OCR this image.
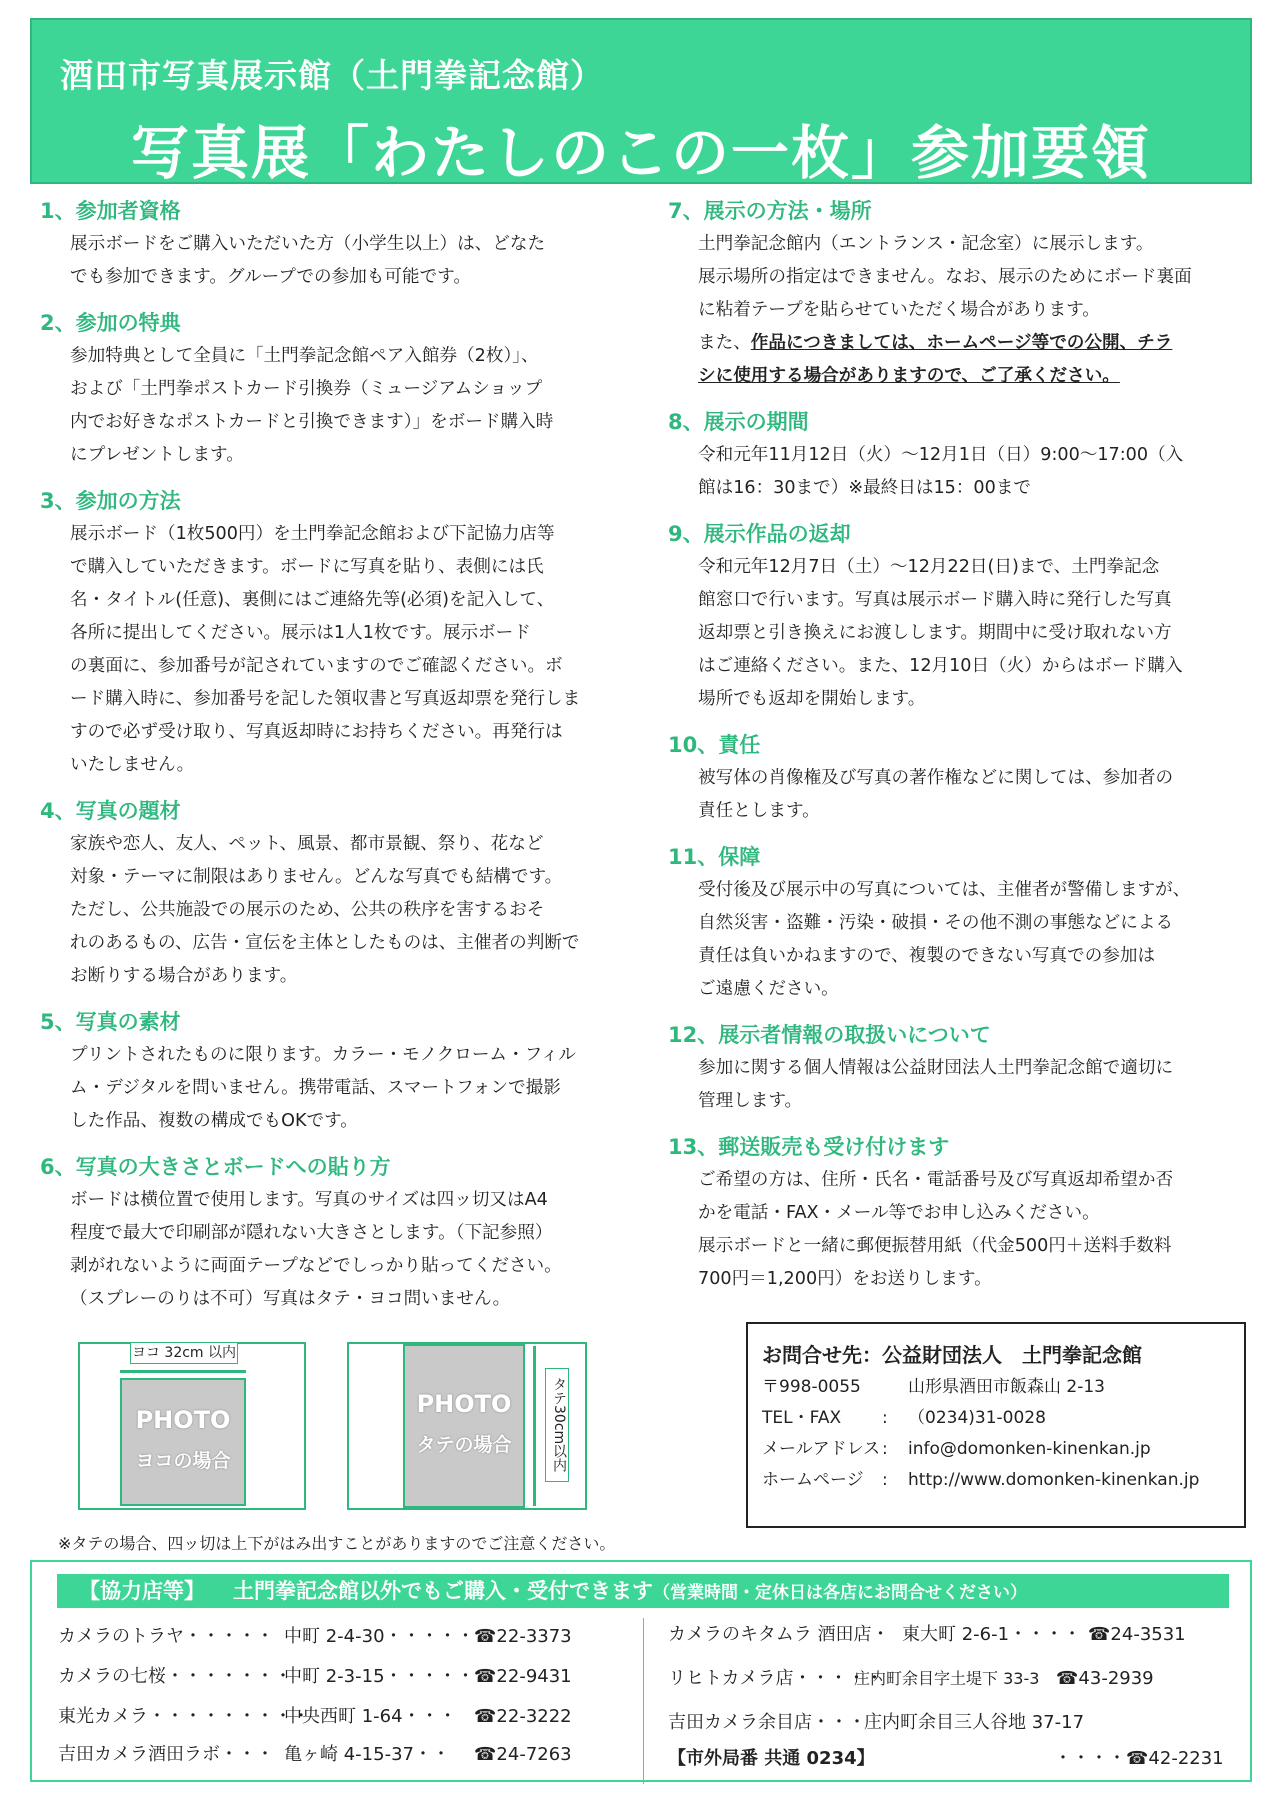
酒田市写真展示館（土門拳記念館）
写真展「わたしのこの一枚」参加要領
1、参加者資格
展示ボードをご購入いただいた方（小学生以上）は、どなた
でも参加できます。グループでの参加も可能です。
2、参加の特典
参加特典として全員に「土門拳記念館ペア入館券（2枚）」、
および「土門拳ポストカード引換券（ミュージアムショップ
内でお好きなポストカードと引換できます）」をボード購入時
にプレゼントします。
3、参加の方法
展示ボード（1枚500円）を土門拳記念館および下記協力店等
で購入していただきます。ボードに写真を貼り、表側には氏
名・タイトル(任意)、裏側にはご連絡先等(必須)を記入して、
各所に提出してください。展示は1人1枚です。展示ボード
の裏面に、参加番号が記されていますのでご確認ください。ボ
ード購入時に、参加番号を記した領収書と写真返却票を発行しま
すので必ず受け取り、写真返却時にお持ちください。再発行は
いたしません。
4、写真の題材
家族や恋人、友人、ペット、風景、都市景観、祭り、花など
対象・テーマに制限はありません。どんな写真でも結構です。
ただし、公共施設での展示のため、公共の秩序を害するおそ
れのあるもの、広告・宣伝を主体としたものは、主催者の判断で
お断りする場合があります。
5、写真の素材
プリントされたものに限ります。カラー・モノクローム・フィル
ム・デジタルを問いません。携帯電話、スマートフォンで撮影
した作品、複数の構成でもOKです。
6、写真の大きさとボードへの貼り方
ボードは横位置で使用します。写真のサイズは四ッ切又はA4
程度で最大で印刷部が隠れない大きさとします。（下記参照）
剥がれないように両面テープなどでしっかり貼ってください。
（スプレーのりは不可）写真はタテ・ヨコ問いません。
7、展示の方法・場所
土門拳記念館内（エントランス・記念室）に展示します。
展示場所の指定はできません。なお、展示のためにボード裏面
に粘着テープを貼らせていただく場合があります。
また、作品につきましては、ホームページ等での公開、チラ
シに使用する場合がありますので、ご了承ください。
8、展示の期間
令和元年11月12日（火）〜12月1日（日）9:00〜17:00（入
館は16：30まで）※最終日は15：00まで
9、展示作品の返却
令和元年12月7日（土）〜12月22日(日)まで、土門拳記念
館窓口で行います。写真は展示ボード購入時に発行した写真
返却票と引き換えにお渡しします。期間中に受け取れない方
はご連絡ください。また、12月10日（火）からはボード購入
場所でも返却を開始します。
10、責任
被写体の肖像権及び写真の著作権などに関しては、参加者の
責任とします。
11、保障
受付後及び展示中の写真については、主催者が警備しますが、
自然災害・盗難・汚染・破損・その他不測の事態などによる
責任は負いかねますので、複製のできない写真での参加は
ご遠慮ください。
12、展示者情報の取扱いについて
参加に関する個人情報は公益財団法人土門拳記念館で適切に
管理します。
13、郵送販売も受け付けます
ご希望の方は、住所・氏名・電話番号及び写真返却希望か否
かを電話・FAX・メール等でお申し込みください。
展示ボードと一緒に郵便振替用紙（代金500円＋送料手数料
700円＝1,200円）をお送りします。
PHOTO
ヨコの場合
ヨコ 32cm 以内
PHOTO
タテの場合	タテ30cm以内
※タテの場合、四ッ切は上下がはみ出すことがありますのでご注意ください。
お問合せ先：公益財団法人　土門拳記念館
〒998-0055	山形県酒田市飯森山 2-13
TEL・FAX : （0234)31-0028
メールアドレス : info@domonken-kinenkan.jp
ホームページ : http://www.domonken-kinenkan.jp
【協力店等】 土門拳記念館以外でもご購入・受付できます（営業時間・定休日は各店にお問合せください）
カメラのトラヤ・・・・・ 中町 2-4-30・・・・・☎22-3373
カメラの七桜・・・・・・・中町 2-3-15・・・・・☎22-9431
東光カメラ・・・・・・・・・中央西町 1-64・・・ ☎22-3222
吉田カメラ酒田ラボ・・・ 亀ヶ崎 4-15-37・・ ☎24-7263
カメラのキタムラ 酒田店・ 東大町 2-6-1・・・・ ☎24-3531
リヒトカメラ店・・・・・庄内町余目字土堤下 33-3 ☎43-2939
吉田カメラ余目店・・・庄内町余目三人谷地 37-17
【市外局番 共通 0234】	・・・・☎42-2231
